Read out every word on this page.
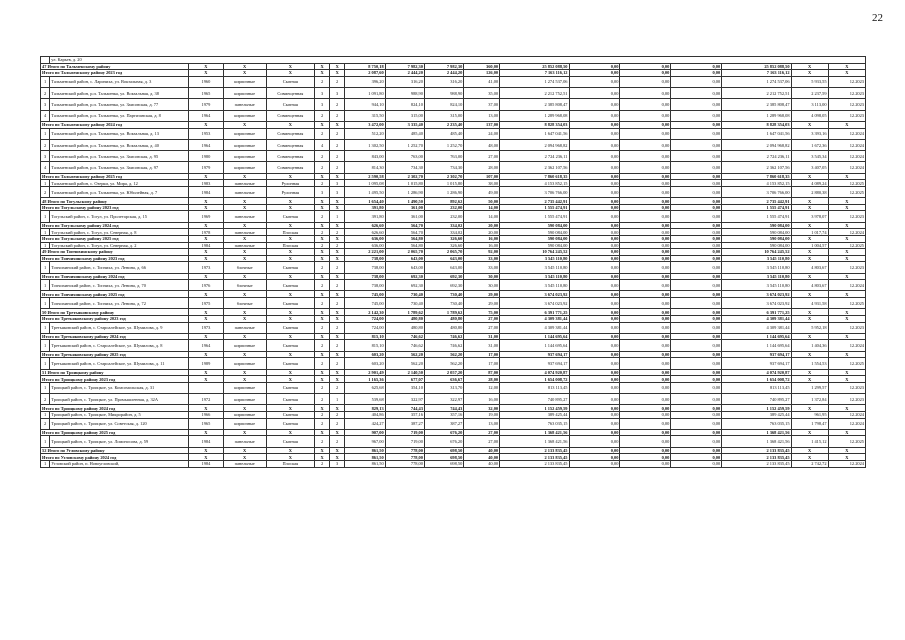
22
	ул. Карьев, д. 20																
47 Итого по Тальменскому району		Х	Х	Х	Х	Х	8 750,18	7 982,30	7 982,30	360,00	25 852 088,50	0,00	0,00	0,00	25 852 088,50	Х	Х
Итого по Тальменскому району 2023 год		Х	Х	Х	Х	Х	2 087,60	2 444,20	2 444,20	126,00	7 163 116,12	0,00	0,00	0,00	7 163 116,12	Х	Х
1	Тальменский район, с. Ларичиха, ул. Вокзальная, д. 3	1960	кирпичные	Скатная	2	2	396,20	316,20	316,20	41,00	1 274 537,06	0,00	0,00	0,00	1 274 537,06	5 933,55	12.2023
2	Тальменский район, р.п. Тальменка, ул. Вокзальная, д. 38	1965	кирпичные	Совмещенная	3	3	1 091,80	988,90	988,90	35,00	2 212 752,51	0,00	0,00	0,00	2 212 752,51	2 237,59	12.2023
3	Тальменский район, р.п. Тальменка, ул. Заисовская, д. 77	1979	панельные	Скатная	3	2	944,10	824,10	824,10	37,00	2 385 808,47	0,00	0,00	0,00	2 385 808,47	3 113,00	12.2023
4	Тальменский район, р.п. Тальменка, ул. Партизанская, д. 8	1964	кирпичные	Совмещенная	2	2	315,50	315,00	315,00	13,00	1 289 968,08	0,00	0,00	0,00	1 289 968,08	4 098,05	12.2023
Итого по Тальменскому району 2024 год		Х	Х	Х	Х	Х	3 472,00	3 335,40	2 235,40	137,00	8 828 354,03	0,00	0,00	0,00	8 828 354,03	Х	Х
1	Тальменский район, р.п. Тальменка, ул. Вокзальная, д. 13	1953	кирпичные	Совмещенная	2	2	512,20	485,40	485,40	24,00	1 647 041,56	0,00	0,00	0,00	1 647 041,56	3 393,16	12.2024
2	Тальменский район, р.п. Тальменка, ул. Вокзальная, д. 40	1964	кирпичные	Совмещенная	4	2	1 302,50	1 252,70	1 252,70	48,00	2 094 968,82	0,00	0,00	0,00	2 094 968,82	1 672,36	12.2024
3	Тальменский район, р.п. Тальменка, ул. Заисовская, д. 95	1980	кирпичные	Совмещенная	2	2	843,00	763,00	763,00	27,00	2 724 236,11	0,00	0,00	0,00	2 724 236,11	3 545,34	12.2024
4	Тальменский район, р.п. Тальменка, ул. Заисовская, д. 97	1979	кирпичные	Совмещенная	2	2	814,30	734,30	734,30	28,00	2 362 107,56	0,00	0,00	0,00	2 362 107,56	3 407,05	12.2024
Итого по Тальменскому району 2025 год		Х	Х	Х	Х	Х	2 590,58	2 302,70	2 302,70	107,00	7 860 618,35	0,00	0,00	0,00	7 860 618,35	Х	Х
1	Тальменский район, с. Озерки, ул. Мира, д. 12	1983	панельные	Рулонная	2	3	1 095,08	1 015,80	1 015,80	38,00	4 153 852,15	0,00	0,00	0,00	4 153 852,15	4 089,24	12.2025
2	Тальменский район, р.п. Тальменка, ул. Юбилейная, д. 7	1984	панельные	Рулонная	3	3	1 495,50	1 286,90	1 286,90	49,00	3 706 766,00	0,00	0,00	0,00	3 706 766,00	2 880,38	12.2025
48 Итого по Тогульскому району		Х	Х	Х	Х	Х	1 654,40	1 490,50	892,62	50,00	2 735 442,91	0,00	0,00	0,00	2 735 442,91	Х	Х
Итого по Тогульскому району 2023 год		Х	Х	Х	Х	Х	391,80	361,00	232,00	14,00	1 555 474,91	0,00	0,00	0,00	1 555 474,91	Х	Х
1	Тогульский район, с. Тогул, ул. Пролетарская, д. 15	1969	панельные	Скатная	2	1	391,80	361,00	232,00	14,00	1 555 474,91	0,00	0,00	0,00	1 555 474,91	3 978,07	12.2023
Итого по Тогульскому району 2024 год		Х	Х	Х	Х	Х	626,60	564,70	334,02	20,00	590 084,00	0,00	0,00	0,00	590 084,00	Х	Х
1	Тогульский район, с. Тогул, ул. Северная, д. 8	1978	панельные	Плоская	2	2	626,60	564,70	334,02	20,00	590 084,00	0,00	0,00	0,00	590 084,00	1 017,74	12.2024
Итого по Тогульскому району 2025 год		Х	Х	Х	Х	Х	636,00	564,80	326,60	16,00	590 084,00	0,00	0,00	0,00	590 084,00	Х	Х
1	Тогульский район, с. Тогул, ул. Северная, д. 2	1984	панельные	Плоская	2	2	636,00	564,80	326,60	16,00	590 084,00	0,00	0,00	0,00	590 084,00	1 004,57	12.2025
49 Итого по Топчихинскому району		Х	Х	Х	Х	Х	2 221,00	2 065,70	2 065,70	92,00	10 764 245,52	0,00	0,00	0,00	10 764 245,52	Х	Х
Итого по Топчихинскому району 2023 год		Х	Х	Х	Х	Х	738,00	643,00	643,00	33,00	3 545 110,80	0,00	0,00	0,00	3 545 110,80	Х	Х
1	Топчихинский район, с. Топчиха, ул. Ленина, д. 66	1973	блочные	Скатная	2	2	738,00	643,00	643,00	33,00	3 545 110,80	0,00	0,00	0,00	3 545 110,80	4 803,67	12.2023
Итого по Топчихинскому району 2024 год		Х	Х	Х	Х	Х	738,00	692,30	692,30	30,00	3 545 110,80	0,00	0,00	0,00	3 545 110,80	Х	Х
1	Топчихинский район, с. Топчиха, ул. Ленина, д. 70	1976	блочные	Скатная	2	2	738,00	692,30	692,30	30,00	3 545 110,80	0,00	0,00	0,00	3 545 110,80	4 803,67	12.2024
Итого по Топчихинскому району 2025 год		Х	Х	Х	Х	Х	745,00	730,40	730,40	29,00	3 674 023,92	0,00	0,00	0,00	3 674 023,92	Х	Х
1	Топчихинский район, с. Топчиха, ул. Ленина, д. 72	1975	блочные	Скатная	2	2	745,00	730,40	730,40	29,00	3 674 023,92	0,00	0,00	0,00	3 674 023,92	4 931,58	12.2025
50 Итого по Третьяковскому району		Х	Х	Х	Х	Х	2 142,30	1 789,62	1 789,62	75,00	6 391 771,25	0,00	0,00	0,00	6 391 771,25	Х	Х
Итого по Третьяковскому району 2023 год		Х	Х	Х	Х	Х	724,00	480,80	480,80	27,00	4 309 381,44	0,00	0,00	0,00	4 309 381,44	Х	Х
1	Третьяковский район, с. Староалейское, ул. Шумилова, д. 9	1973	панельные	Скатная	2	2	724,00	480,80	480,80	27,00	4 309 381,44	0,00	0,00	0,00	4 309 381,44	5 952,18	12.2023
Итого по Третьяковскому району 2024 год		Х	Х	Х	Х	Х	815,10	746,62	746,62	31,00	1 144 695,64	0,00	0,00	0,00	1 144 695,64	Х	Х
1	Третьяковский район, с. Староалейское, ул. Шумилова, д. 8	1964	кирпичные	Скатная	2	2	815,10	746,62	746,62	31,00	1 144 695,64	0,00	0,00	0,00	1 144 695,64	1 404,36	12.2024
Итого по Третьяковскому району 2025 год		Х	Х	Х	Х	Х	603,20	562,20	562,20	17,00	937 694,17	0,00	0,00	0,00	937 694,17	Х	Х
1	Третьяковский район, с. Староалейское, ул. Шумилова, д. 11	1989	кирпичные	Скатная	2	2	603,20	562,20	562,20	17,00	937 694,17	0,00	0,00	0,00	937 694,17	1 554,53	12.2025
51 Итого по Троицкому району		Х	Х	Х	Х	Х	2 901,49	2 140,50	2 057,20	87,00	4 074 920,87	0,00	0,00	0,00	4 074 920,87	Х	Х
Итого по Троицкому району 2023 год		Х	Х	Х	Х	Х	1 165,36	677,07	636,67	28,00	1 654 008,72	0,00	0,00	0,00	1 654 008,72	Х	Х
1	Троицкий район, с. Троицкое, ул. Комсомольская, д. 31		кирпичные	Скатная	2	2	625,68	354,10	313,70	12,00	813 113,45	0,00	0,00	0,00	813 113,45	1 299,57	12.2023
2	Троицкий район, с. Троицкое, ул. Промышленная, д. 32А	1972	кирпичные	Скатная	2	1	539,68	322,97	322,97	16,00	740 895,27	0,00	0,00	0,00	740 895,27	1 372,84	12.2023
Итого по Троицкому району 2024 год		Х	Х	Х	Х	Х	829,13	744,43	744,43	32,00	1 152 459,59	0,00	0,00	0,00	1 152 459,59	Х	Х
1	Троицкий район, с. Троицкое, Микрорайон, д. 5	1966	кирпичные	Скатная	2	2	404,86	357,16	357,16	19,00	389 425,44	0,00	0,00	0,00	389 425,44	961,95	12.2024
2	Троицкий район, с. Троицкое, ул. Советская, д. 120	1965	кирпичные	Скатная	2	2	424,27	387,27	387,27	13,00	763 035,15	0,00	0,00	0,00	763 035,15	1 798,47	12.2024
Итого по Троицкому району 2025 год		Х	Х	Х	Х	Х	907,00	719,00	676,20	27,00	1 368 421,56	0,00	0,00	0,00	1 368 421,56	Х	Х
1	Троицкий район, с. Троицкое, ул. Ломоносова, д. 59	1984	панельные	Скатная	2	2	967,00	719,00	676,20	27,00	1 368 421,56	0,00	0,00	0,00	1 368 421,56	1 415,12	12.2025
52 Итого по Угловскому району		Х	Х	Х	Х	Х	861,50	778,00	698,50	40,00	2 133 835,45	0,00	0,00	0,00	2 133 835,45	Х	Х
Итого по Угловскому району 2024 год		Х	Х	Х	Х	Х	861,50	778,00	698,50	40,00	2 133 835,45	0,00	0,00	0,00	2 133 835,45	Х	Х
1	Угловский район, п. Новоугловский,	1984	панельные	Плоская	2	3	861,50	778,00	698,50	40,00	2 133 835,45	0,00	0,00	0,00	2 133 835,45	2 742,72	12.2024
